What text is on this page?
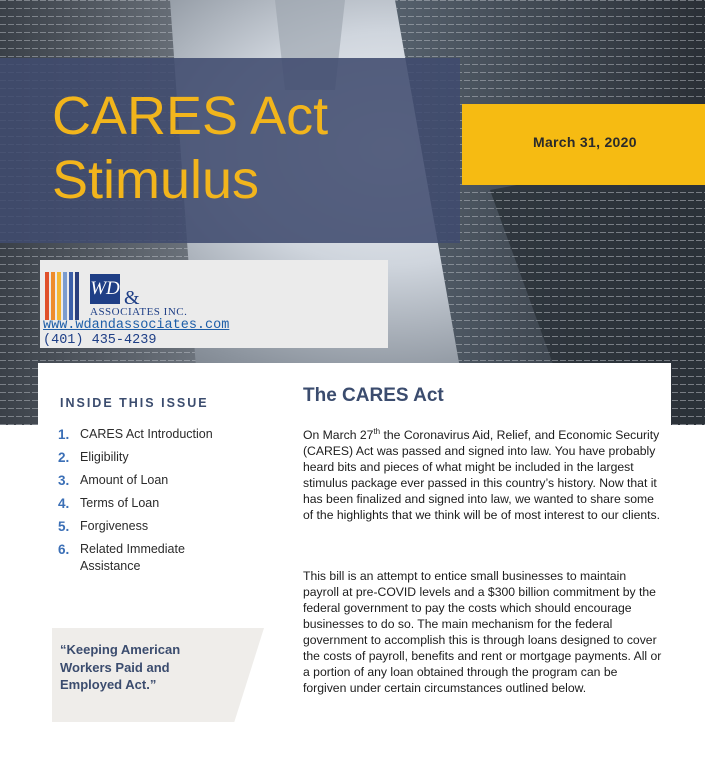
CARES Act Stimulus
March 31, 2020
WD &
ASSOCIATES INC.
www.wdandassociates.com
(401) 435-4239
INSIDE THIS ISSUE
1. CARES Act Introduction
2. Eligibility
3. Amount of Loan
4. Terms of Loan
5. Forgiveness
6. Related Immediate Assistance

“Keeping American Workers Paid and Employed Act.”

The CARES Act

On March 27th the Coronavirus Aid, Relief, and Economic Security (CARES) Act was passed and signed into law. You have probably heard bits and pieces of what might be included in the largest stimulus package ever passed in this country’s history. Now that it has been finalized and signed into law, we wanted to share some of the highlights that we think will be of most interest to our clients.

This bill is an attempt to entice small businesses to maintain payroll at pre-COVID levels and a $300 billion commitment by the federal government to pay the costs which should encourage businesses to do so. The main mechanism for the federal government to accomplish this is through loans designed to cover the costs of payroll, benefits and rent or mortgage payments. All or a portion of any loan obtained through the program can be forgiven under certain circumstances outlined below.
